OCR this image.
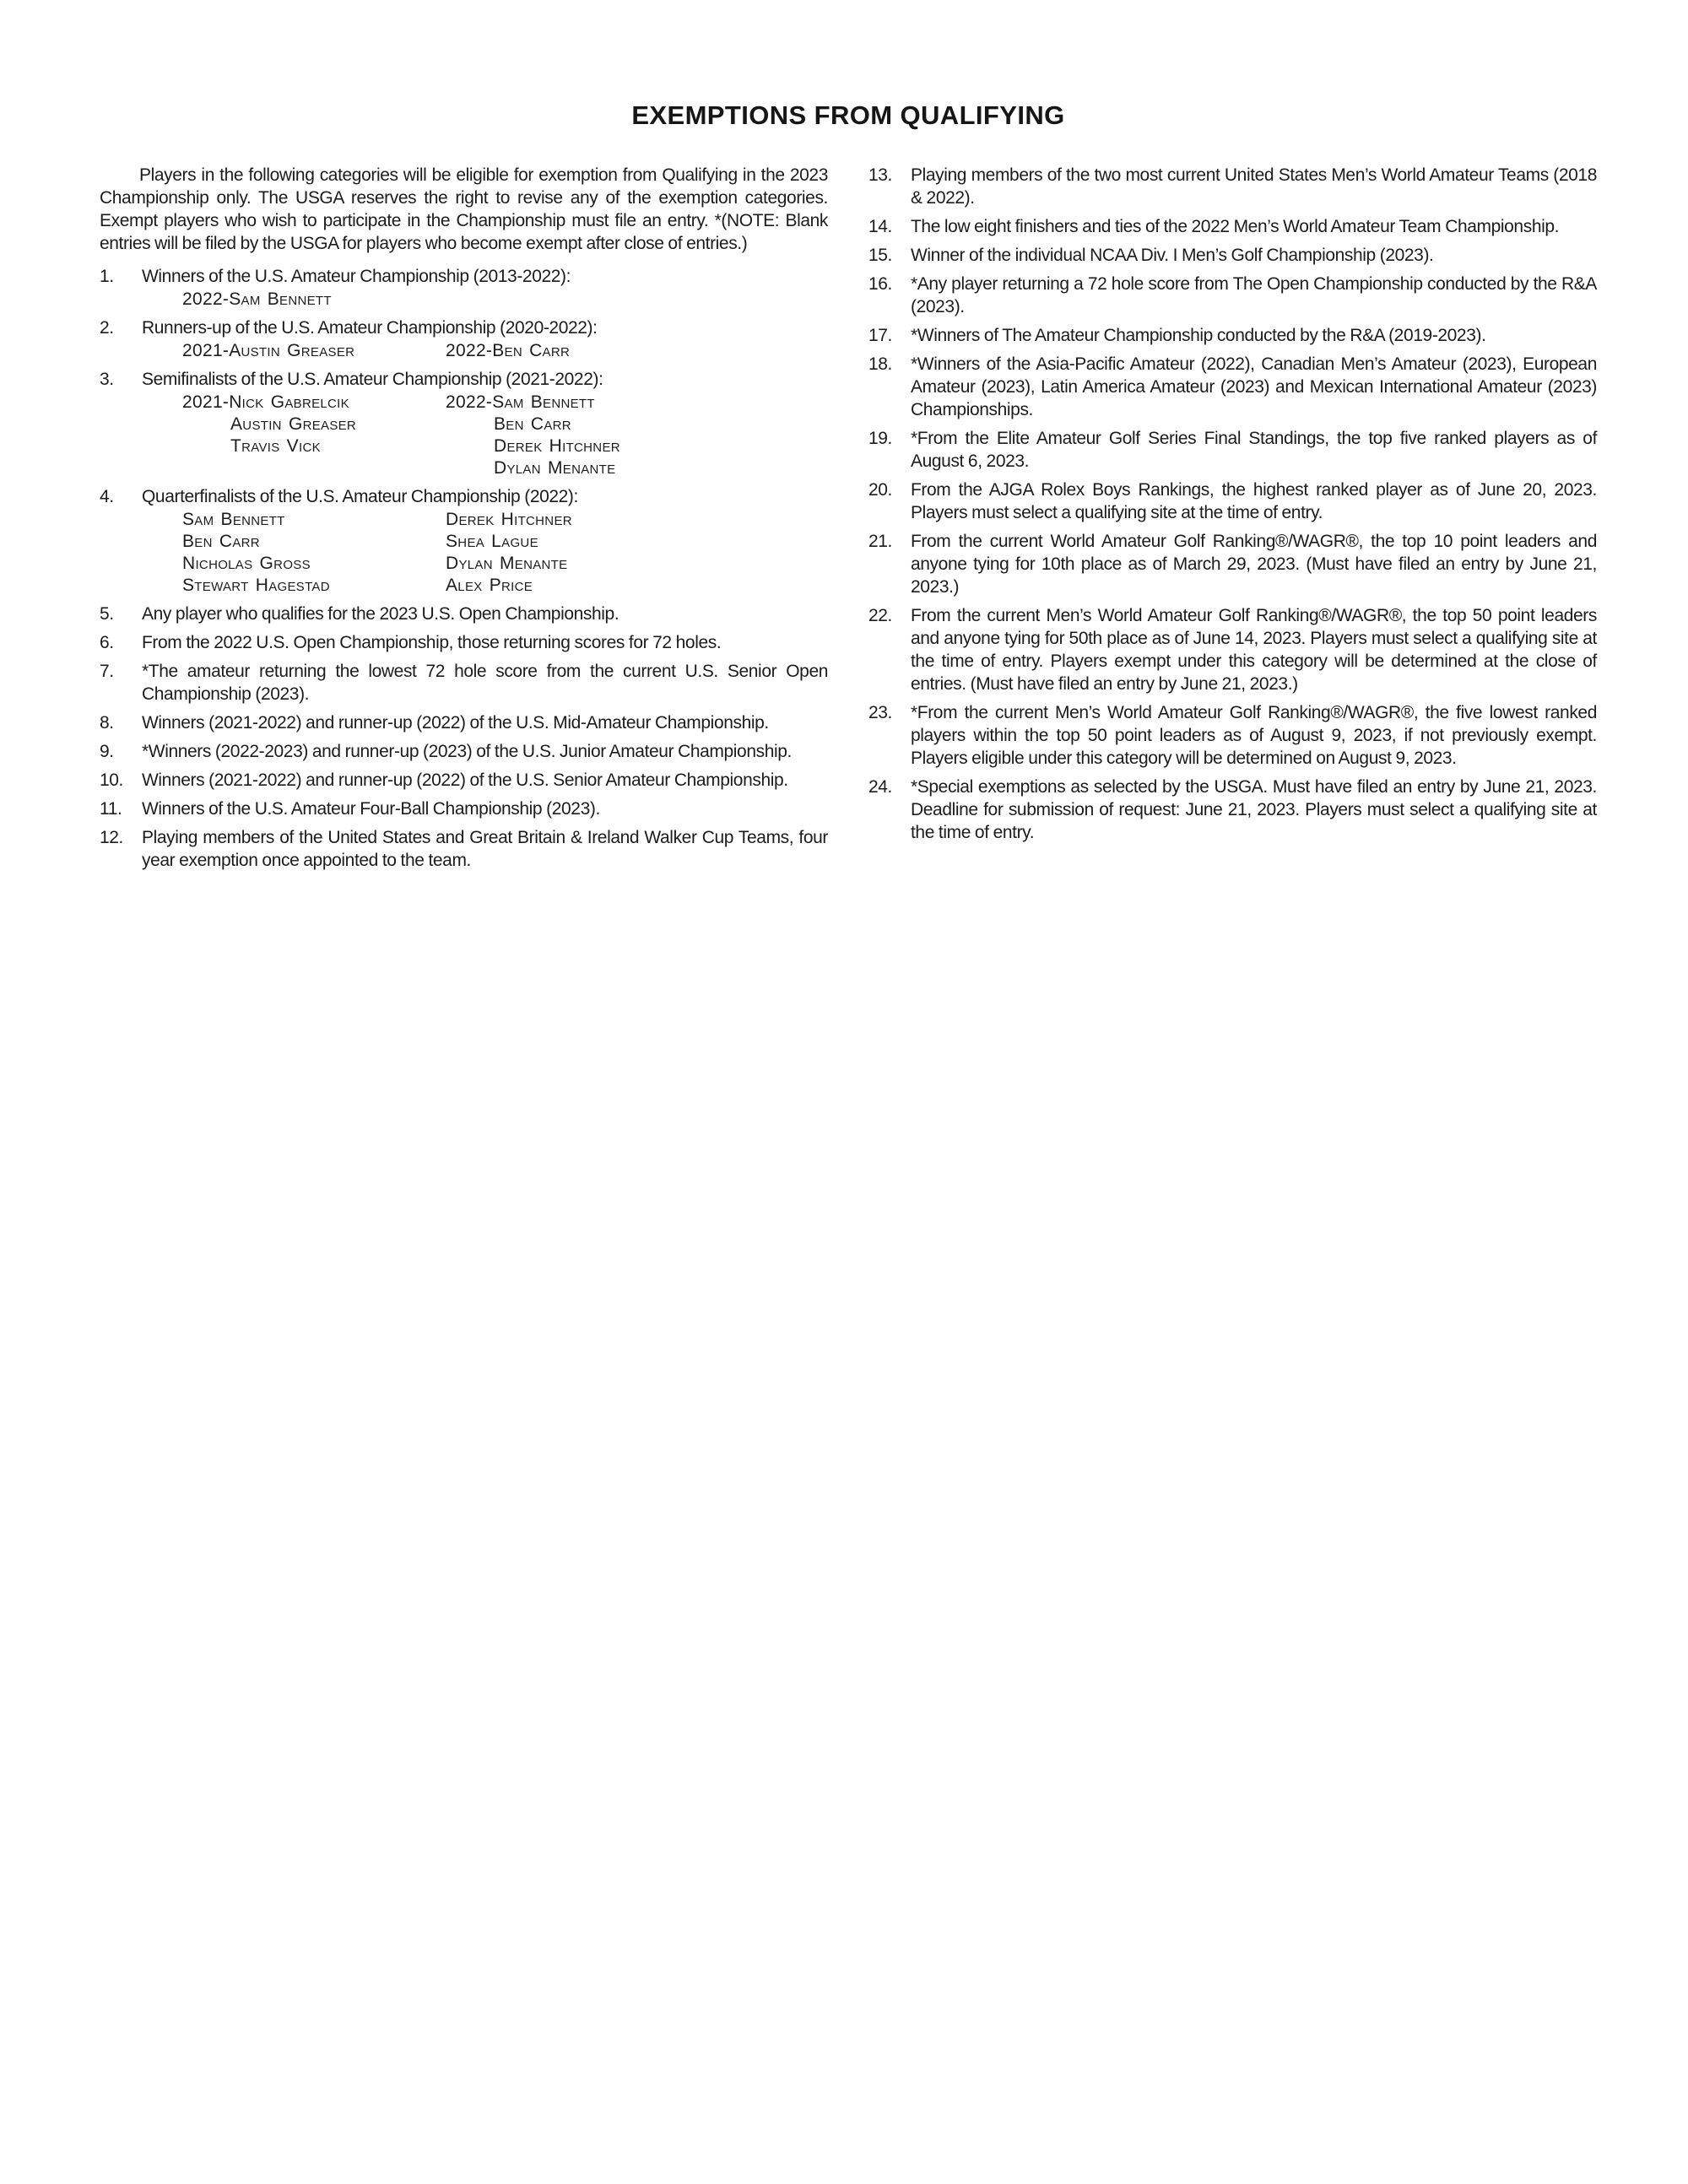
EXEMPTIONS FROM QUALIFYING

Players in the following categories will be eligible for exemption from Qualifying in the 2023 Championship only. The USGA reserves the right to revise any of the exemption categories. Exempt players who wish to participate in the Championship must file an entry. *(NOTE: Blank entries will be filed by the USGA for players who become exempt after close of entries.)

1. Winners of the U.S. Amateur Championship (2013-2022):
2022-Sam Bennett
2. Runners-up of the U.S. Amateur Championship (2020-2022):
2021-Austin Greaser	2022-Ben Carr
3. Semifinalists of the U.S. Amateur Championship (2021-2022):
2021-Nick Gabrelcik
Austin Greaser
Travis Vick
2022-Sam Bennett
Ben Carr
Derek Hitchner
Dylan Menante
4. Quarterfinalists of the U.S. Amateur Championship (2022):
Sam Bennett
Ben Carr
Nicholas Gross
Stewart Hagestad
Derek Hitchner
Shea Lague
Dylan Menante
Alex Price
5. Any player who qualifies for the 2023 U.S. Open Championship.
6. From the 2022 U.S. Open Championship, those returning scores for 72 holes.
7. *The amateur returning the lowest 72 hole score from the current U.S. Senior Open Championship (2023).
8. Winners (2021-2022) and runner-up (2022) of the U.S. Mid-Amateur Championship.
9. *Winners (2022-2023) and runner-up (2023) of the U.S. Junior Amateur Championship.
10. Winners (2021-2022) and runner-up (2022) of the U.S. Senior Amateur Championship.
11. Winners of the U.S. Amateur Four-Ball Championship (2023).
12. Playing members of the United States and Great Britain & Ireland Walker Cup Teams, four year exemption once appointed to the team.
13. Playing members of the two most current United States Men’s World Amateur Teams (2018 & 2022).
14. The low eight finishers and ties of the 2022 Men’s World Amateur Team Championship.
15. Winner of the individual NCAA Div. I Men’s Golf Championship (2023).
16. *Any player returning a 72 hole score from The Open Championship conducted by the R&A (2023).
17. *Winners of The Amateur Championship conducted by the R&A (2019-2023).
18. *Winners of the Asia-Pacific Amateur (2022), Canadian Men’s Amateur (2023), European Amateur (2023), Latin America Amateur (2023) and Mexican International Amateur (2023) Championships.
19. *From the Elite Amateur Golf Series Final Standings, the top five ranked players as of August 6, 2023.
20. From the AJGA Rolex Boys Rankings, the highest ranked player as of June 20, 2023. Players must select a qualifying site at the time of entry.
21. From the current World Amateur Golf Ranking®/WAGR®, the top 10 point leaders and anyone tying for 10th place as of March 29, 2023. (Must have filed an entry by June 21, 2023.)
22. From the current Men’s World Amateur Golf Ranking®/WAGR®, the top 50 point leaders and anyone tying for 50th place as of June 14, 2023. Players must select a qualifying site at the time of entry. Players exempt under this category will be determined at the close of entries. (Must have filed an entry by June 21, 2023.)
23. *From the current Men’s World Amateur Golf Ranking®/WAGR®, the five lowest ranked players within the top 50 point leaders as of August 9, 2023, if not previously exempt. Players eligible under this category will be determined on August 9, 2023.
24. *Special exemptions as selected by the USGA. Must have filed an entry by June 21, 2023. Deadline for submission of request: June 21, 2023. Players must select a qualifying site at the time of entry.
